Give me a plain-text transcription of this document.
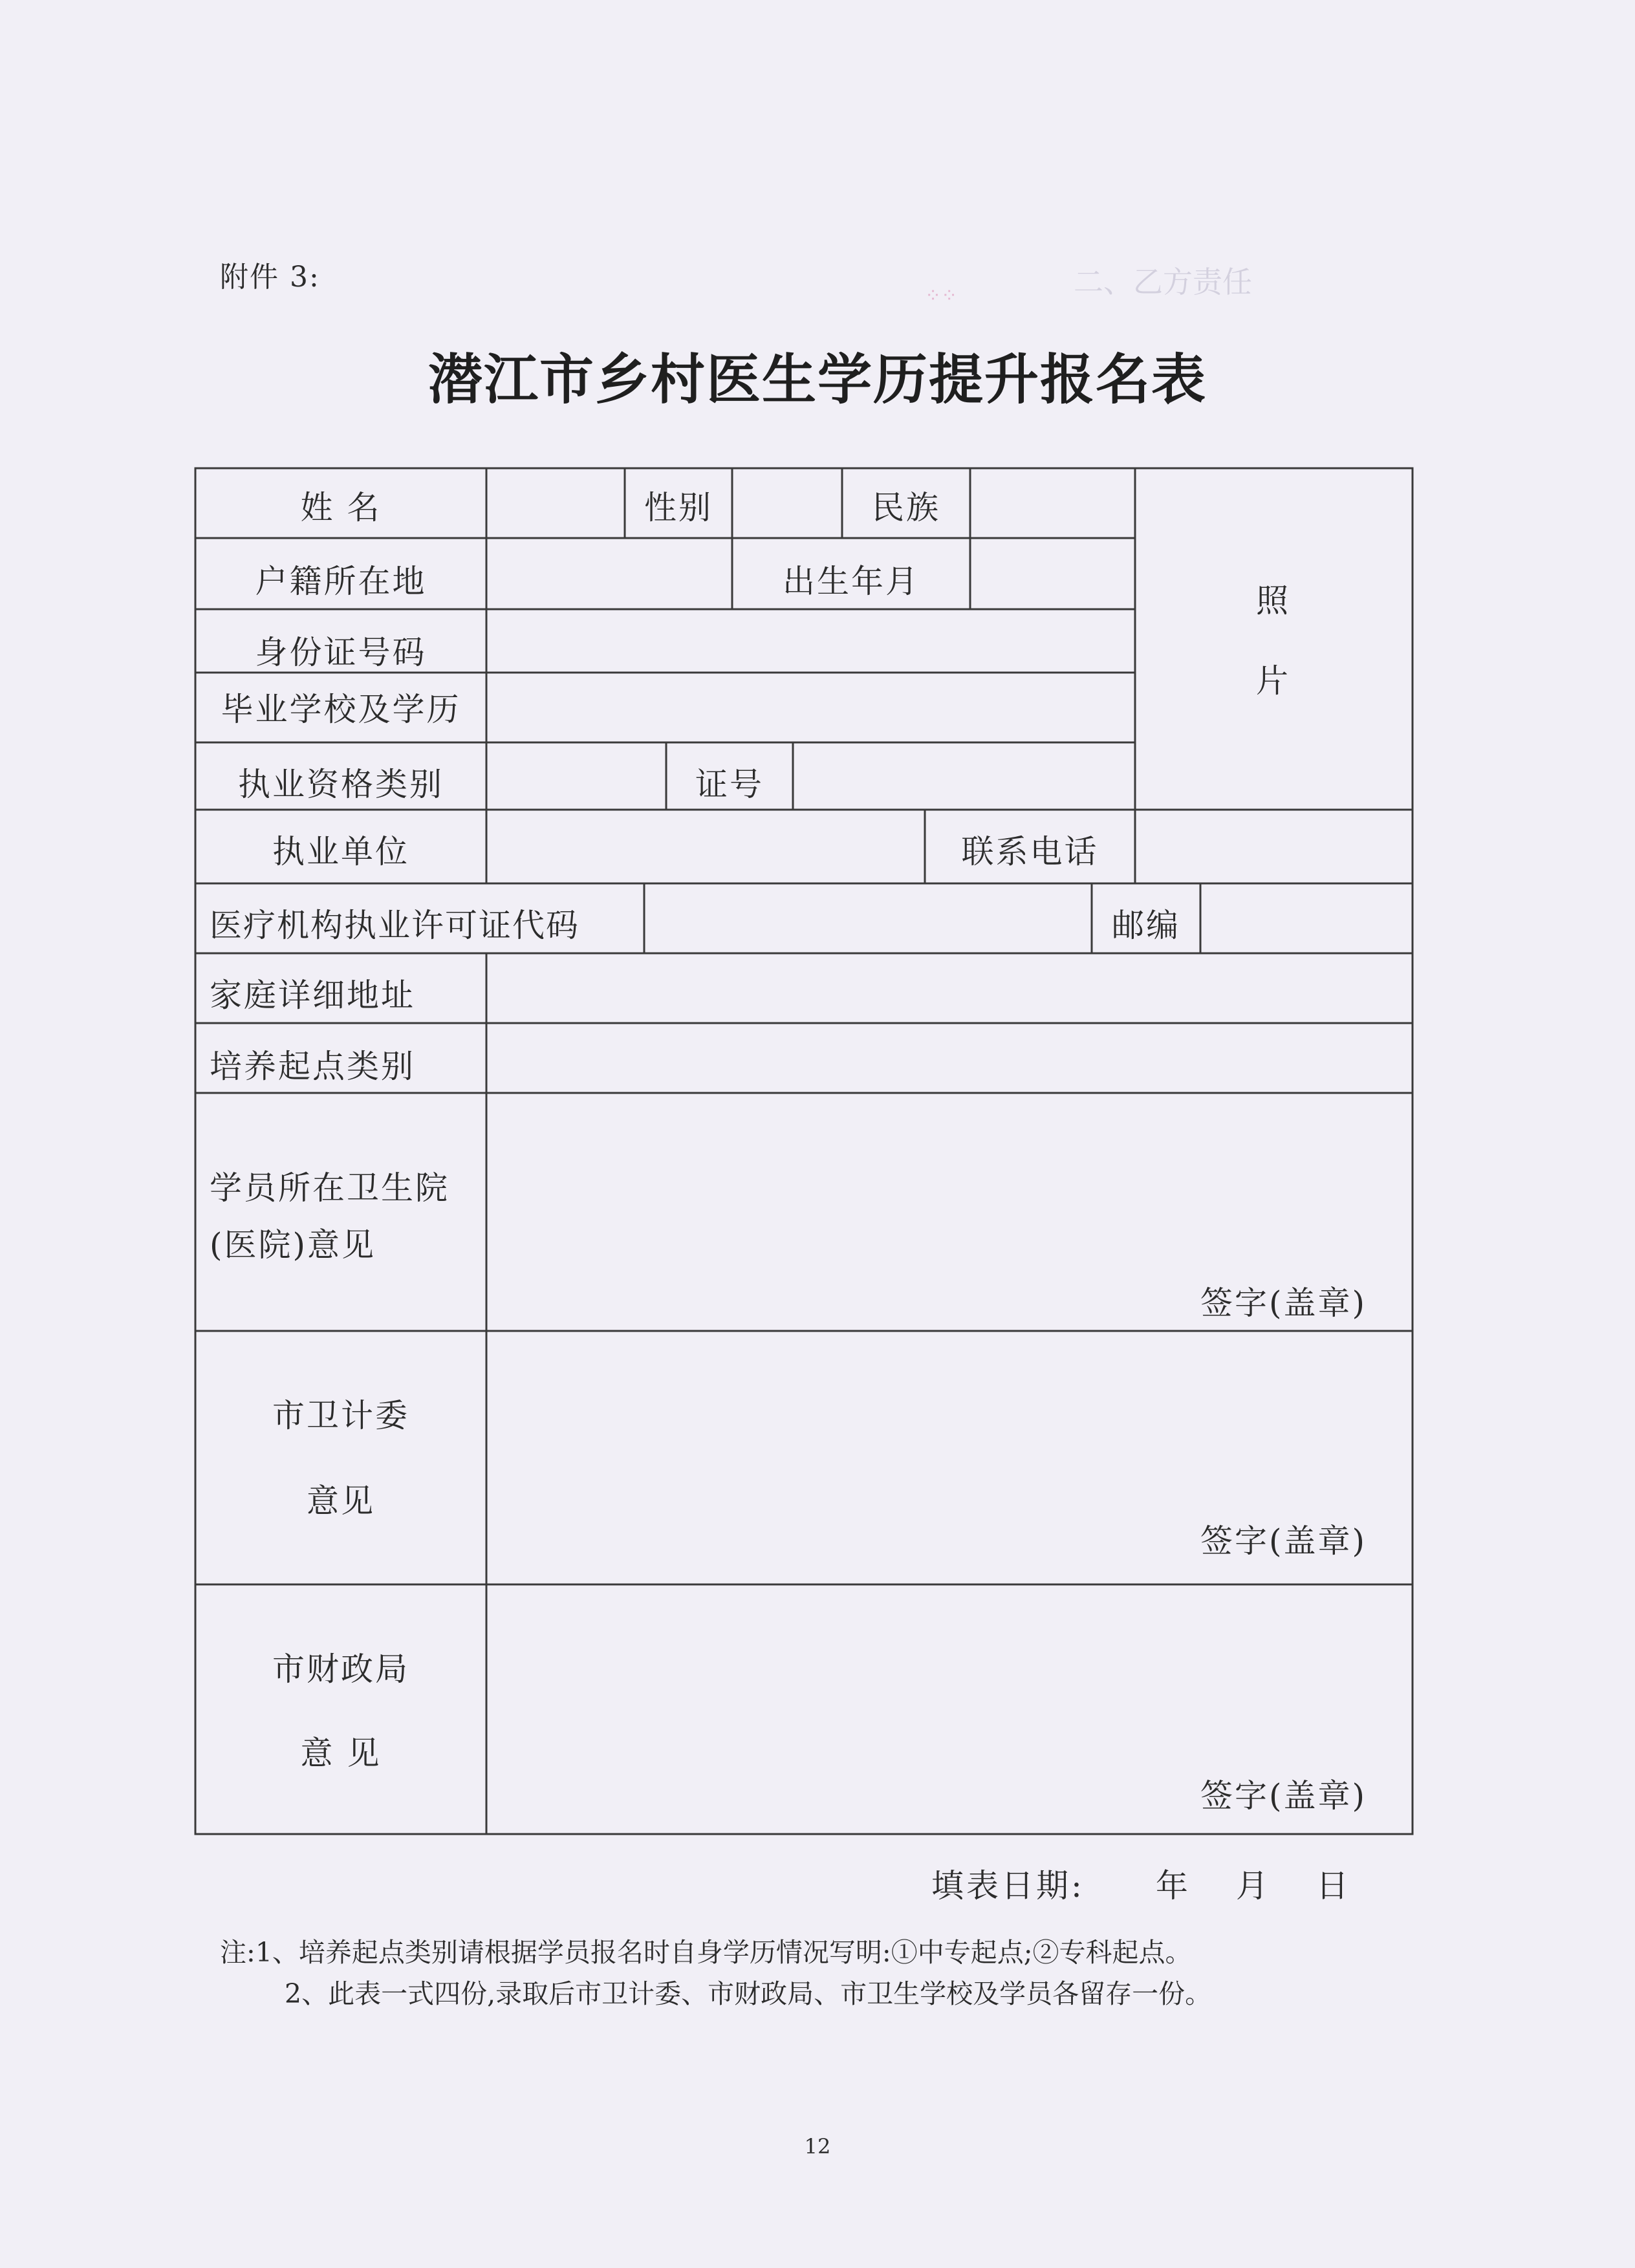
二、乙方责任
附件 3:
⁘⁘
潜江市乡村医生学历提升报名表
姓 名	性别	民族
户籍所在地	出生年月
照
片
身份证号码
毕业学校及学历
执业资格类别	证号
执业单位	联系电话
医疗机构执业许可证代码	邮编
家庭详细地址
培养起点类别
学员所在卫生院
(医院)意见
签字(盖章)
市卫计委
意见
签字(盖章)
市财政局
意 见
签字(盖章)
填表日期: 年 月 日
注:1、培养起点类别请根据学员报名时自身学历情况写明:①中专起点;②专科起点。
2、此表一式四份,录取后市卫计委、市财政局、市卫生学校及学员各留存一份。
12
